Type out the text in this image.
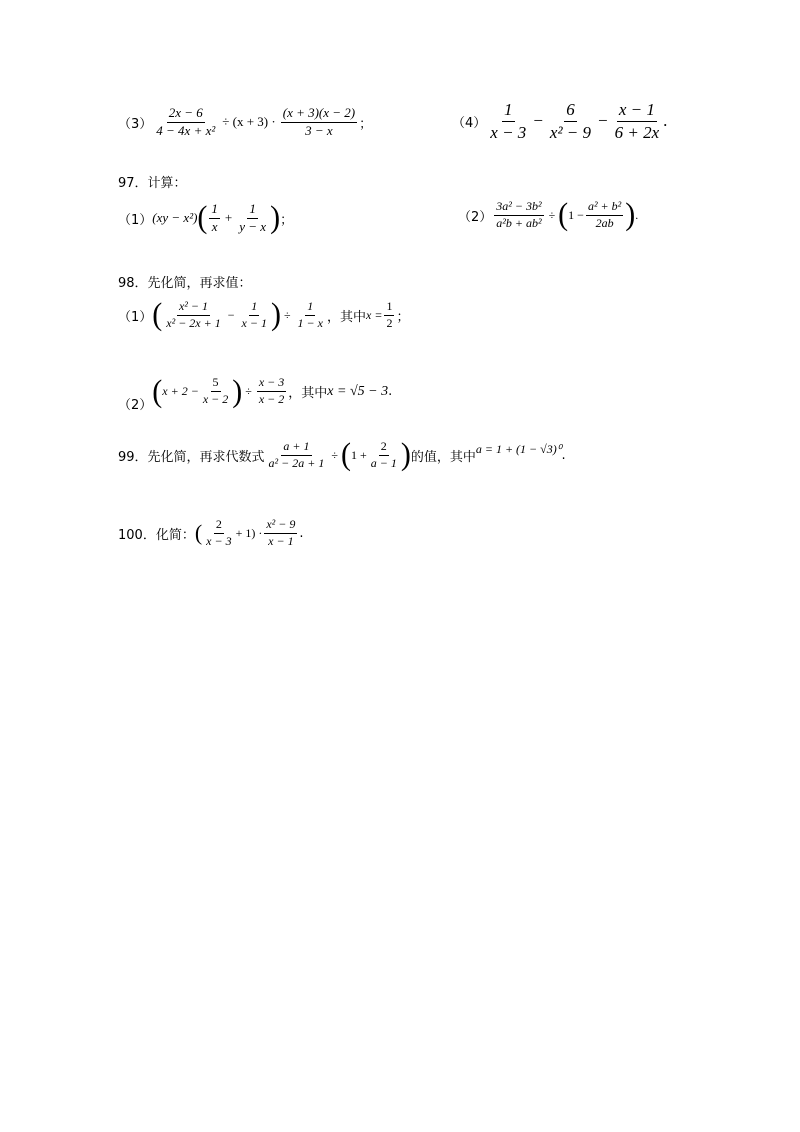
$(3) \frac{2x - 6}{\text{4 − 4x + x²}} \div (x + 3) \cdot \frac{(x + 3)(x - 2)}{3 - x}$ ；	$(4) \frac{1}{x - 3} - \frac{6}{\text{x² − 9}} - \frac{x - 1}{6 + 2x}$ .
97．计算：
（1） (xy − x²) ( $\frac{1}{x} + \frac{1}{y - x}$ ) ；	$(2) \frac{\text{3a² − 3b²}}{\text{a²b + ab²}}$ ÷ ( $1 - \frac{\text{a² + b²}}{2ab}$ ) .
98．先化简，再求值：
（1） ( $\frac{\text{x² − 1}}{\text{x² − 2x + 1}} - \frac{1}{x - 1}$ ) ÷ $\frac{1}{1 - x}$ ，其中 $x = \frac{1}{2}$ ；
（2） ( $x + 2 - \frac{5}{x - 2}$ ) ÷ $\frac{x - 3}{x - 2}$ ，其中 x = √5 − 3 .
99．先化简，再求代数式 $\frac{a + 1}{\text{a² − 2a + 1}}$ ÷ ( $1 + \frac{2}{a - 1}$ ) 的值，其中
a = 1 + (1 − √3)⁰ .
100．化简： ( $\frac{2}{x - 3} + 1) \cdot \frac{\text{x² − 9}}{x - 1}$ .
